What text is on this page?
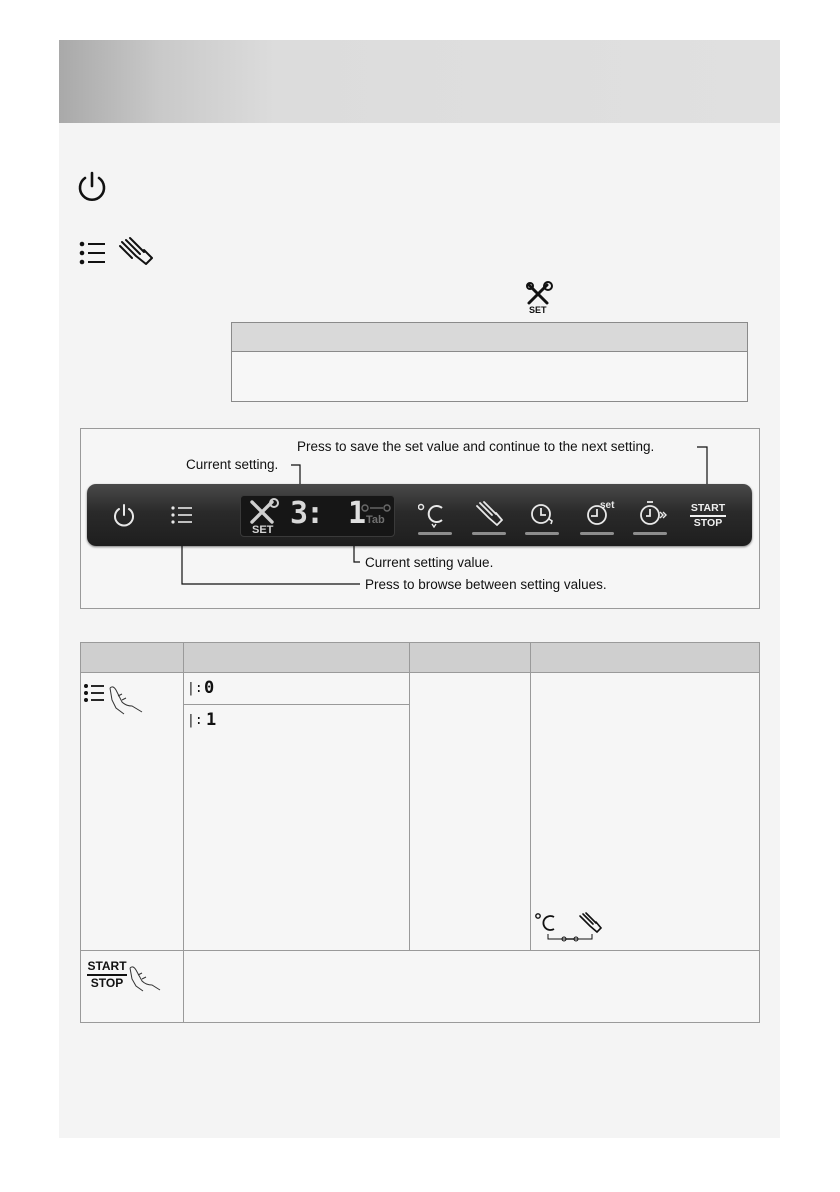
SET
Press to save the set value and continue to the next setting.
Current setting.
Current setting value.
Press to browse between setting values.
SET 3: 1 Tab
set	START
STOP
|: 0
|: 1
START
STOP
